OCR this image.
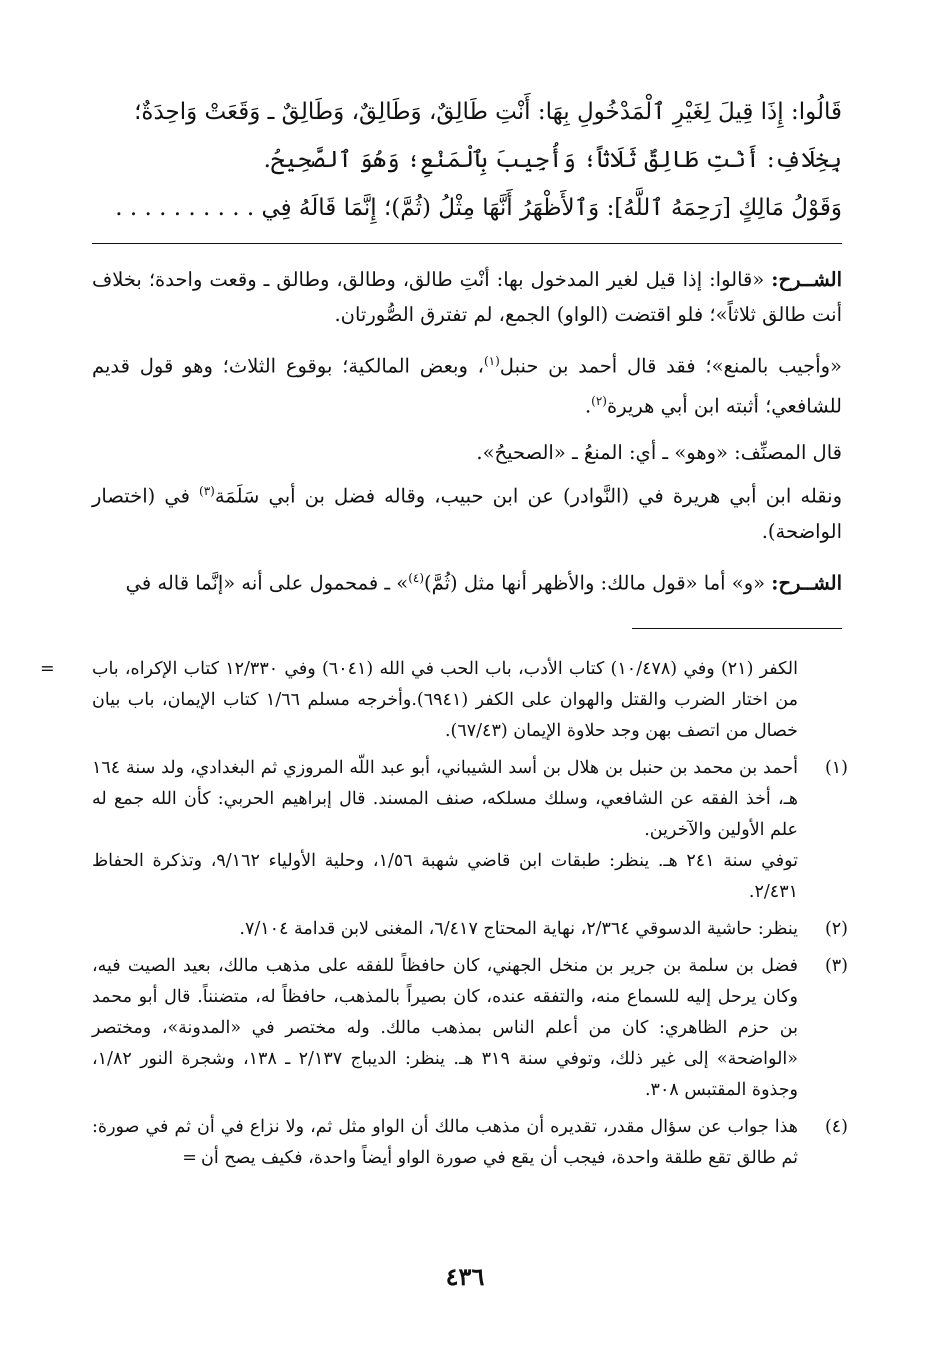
قَالُوا: إِذَا قِيلَ لِغَيْرِ ٱلْمَدْخُولِ بِهَا: أَنْتِ طَالِقٌ، وَطَالِقٌ، وَطَالِقٌ ـ وَقَعَتْ وَاحِدَةٌ؛

بِخِلَافِ: أَنْتِ طَالِقٌ ثَلَاثاً؛ وَأُجِيبَ بِٱلْمَنْعِ؛ وَهُوَ ٱلصَّحِيحُ.

وَقَوْلُ مَالِكٍ [رَحِمَهُ ٱللَّهُ]: وَٱلأَظْهَرُ أَنَّهَا مِثْلُ (ثُمَّ)؛ إِنَّمَا قَالَهُ فِي . . . . . . . . . .

الشــرح: «قالوا: إذا قيل لغير المدخول بها: أنْتِ طالق، وطالق، وطالق ـ وقعت واحدة؛ بخلاف أنت طالق ثلاثاً»؛ فلو اقتضت (الواو) الجمع، لم تفترق الصُّورتان.

«وأجيب بالمنع»؛ فقد قال أحمد بن حنبل$^{(١)}$، وبعض المالكية؛ بوقوع الثلاث؛ وهو قول قديم للشافعي؛ أثبته ابن أبي هريرة$^{(٢)}$.

قال المصنِّف: «وهو» ـ أي: المنعُ ـ «الصحيحُ».

ونقله ابن أبي هريرة في (النَّوادر) عن ابن حبيب، وقاله فضل بن أبي سَلَمَة$^{(٣)}$ في (اختصار الواضحة).

الشــرح: «و» أما «قول مالك: والأظهر أنها مثل (ثُمَّ)$^{(٤)}$» ـ فمحمول على أنه «إنَّما قاله في

= الكفر (٢١) وفي (١٠/٤٧٨) كتاب الأدب، باب الحب في الله (٦٠٤١) وفي ١٢/٣٣٠ كتاب الإكراه، باب من اختار الضرب والقتل والهوان على الكفر (٦٩٤١).وأخرجه مسلم ١/٦٦ كتاب الإيمان، باب بيان خصال من اتصف بهن وجد حلاوة الإيمان (٦٧/٤٣).
(١)
أحمد بن محمد بن حنبل بن هلال بن أسد الشيباني، أبو عبد اللّه المروزي ثم البغدادي، ولد سنة ١٦٤ هـ، أخذ الفقه عن الشافعي، وسلك مسلكه، صنف المسند. قال إبراهيم الحربي: كأن الله جمع له علم الأولين والآخرين.
توفي سنة ٢٤١ هـ. ينظر: طبقات ابن قاضي شهبة ١/٥٦، وحلية الأولياء ٩/١٦٢، وتذكرة الحفاظ ٢/٤٣١.
(٢)
ينظر: حاشية الدسوقي ٢/٣٦٤، نهاية المحتاج ٦/٤١٧، المغنى لابن قدامة ٧/١٠٤.
(٣)
فضل بن سلمة بن جرير بن منخل الجهني، كان حافظاً للفقه على مذهب مالك، بعيد الصيت فيه، وكان يرحل إليه للسماع منه، والتفقه عنده، كان بصيراً بالمذهب، حافظاً له، متضنناً. قال أبو محمد بن حزم الظاهري: كان من أعلم الناس بمذهب مالك. وله مختصر في «المدونة»، ومختصر «الواضحة» إلى غير ذلك، وتوفي سنة ٣١٩ هـ. ينظر: الديباج ٢/١٣٧ ـ ١٣٨، وشجرة النور ١/٨٢، وجذوة المقتبس ٣٠٨.
(٤)
هذا جواب عن سؤال مقدر، تقديره أن مذهب مالك أن الواو مثل ثم، ولا نزاع في أن ثم في صورة: ثم طالق تقع طلقة واحدة، فيجب أن يقع في صورة الواو أيضاً واحدة، فكيف يصح أن=
٤٣٦
